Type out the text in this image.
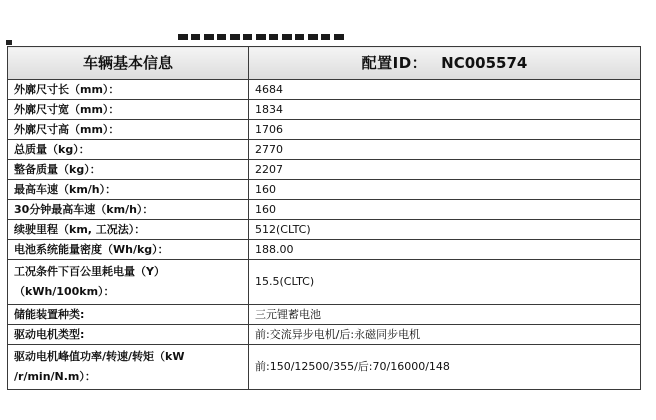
车辆基本信息	配置ID： NC005574
外廓尺寸长（mm）：	4684
外廓尺寸宽（mm）：	1834
外廓尺寸高（mm）：	1706
总质量（kg）：	2770
整备质量（kg）：	2207
最高车速（km/h）：	160
30分钟最高车速（km/h）：	160
续驶里程（km, 工况法）：	512(CLTC)
电池系统能量密度（Wh/kg）：	188.00

工况条件下百公里耗电量（Y）
（kWh/100km）：	15.5(CLTC)
储能装置种类:	三元锂蓄电池
驱动电机类型:	前:交流异步电机/后:永磁同步电机

驱动电机峰值功率/转速/转矩（kW
/r/min/N.m）：	前:150/12500/355/后:70/16000/148
